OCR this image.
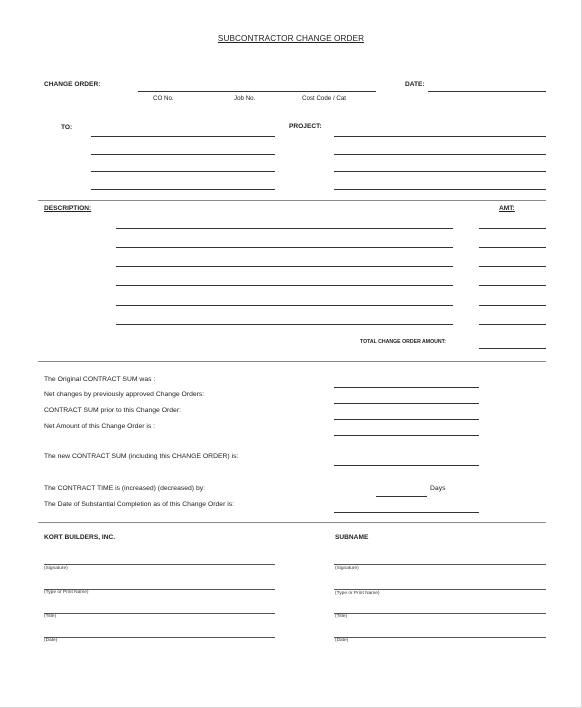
SUBCONTRACTOR CHANGE ORDER
CHANGE ORDER:
CO No.	Job No.	Cost Code / Cat
DATE:
TO:	PROJECT:
DESCRIPTION:	AMT:
TOTAL CHANGE ORDER AMOUNT:
The Original CONTRACT SUM was :
Net changes by previously approved Change Orders:
CONTRACT SUM prior to this Change Order:
Net Amount of this Change Order is :
The new CONTRACT SUM (including this CHANGE ORDER) is:
The CONTRACT TIME is (increased) (decreased) by:	Days
The Date of Substantial Completion as of this Change Order is:
KORT BUILDERS, INC.
(Signature)
(Type or Print Name)
(Title)
(Date)
SUBNAME
(Signature)
(Type or Print Name)
(Title)
(Date)
